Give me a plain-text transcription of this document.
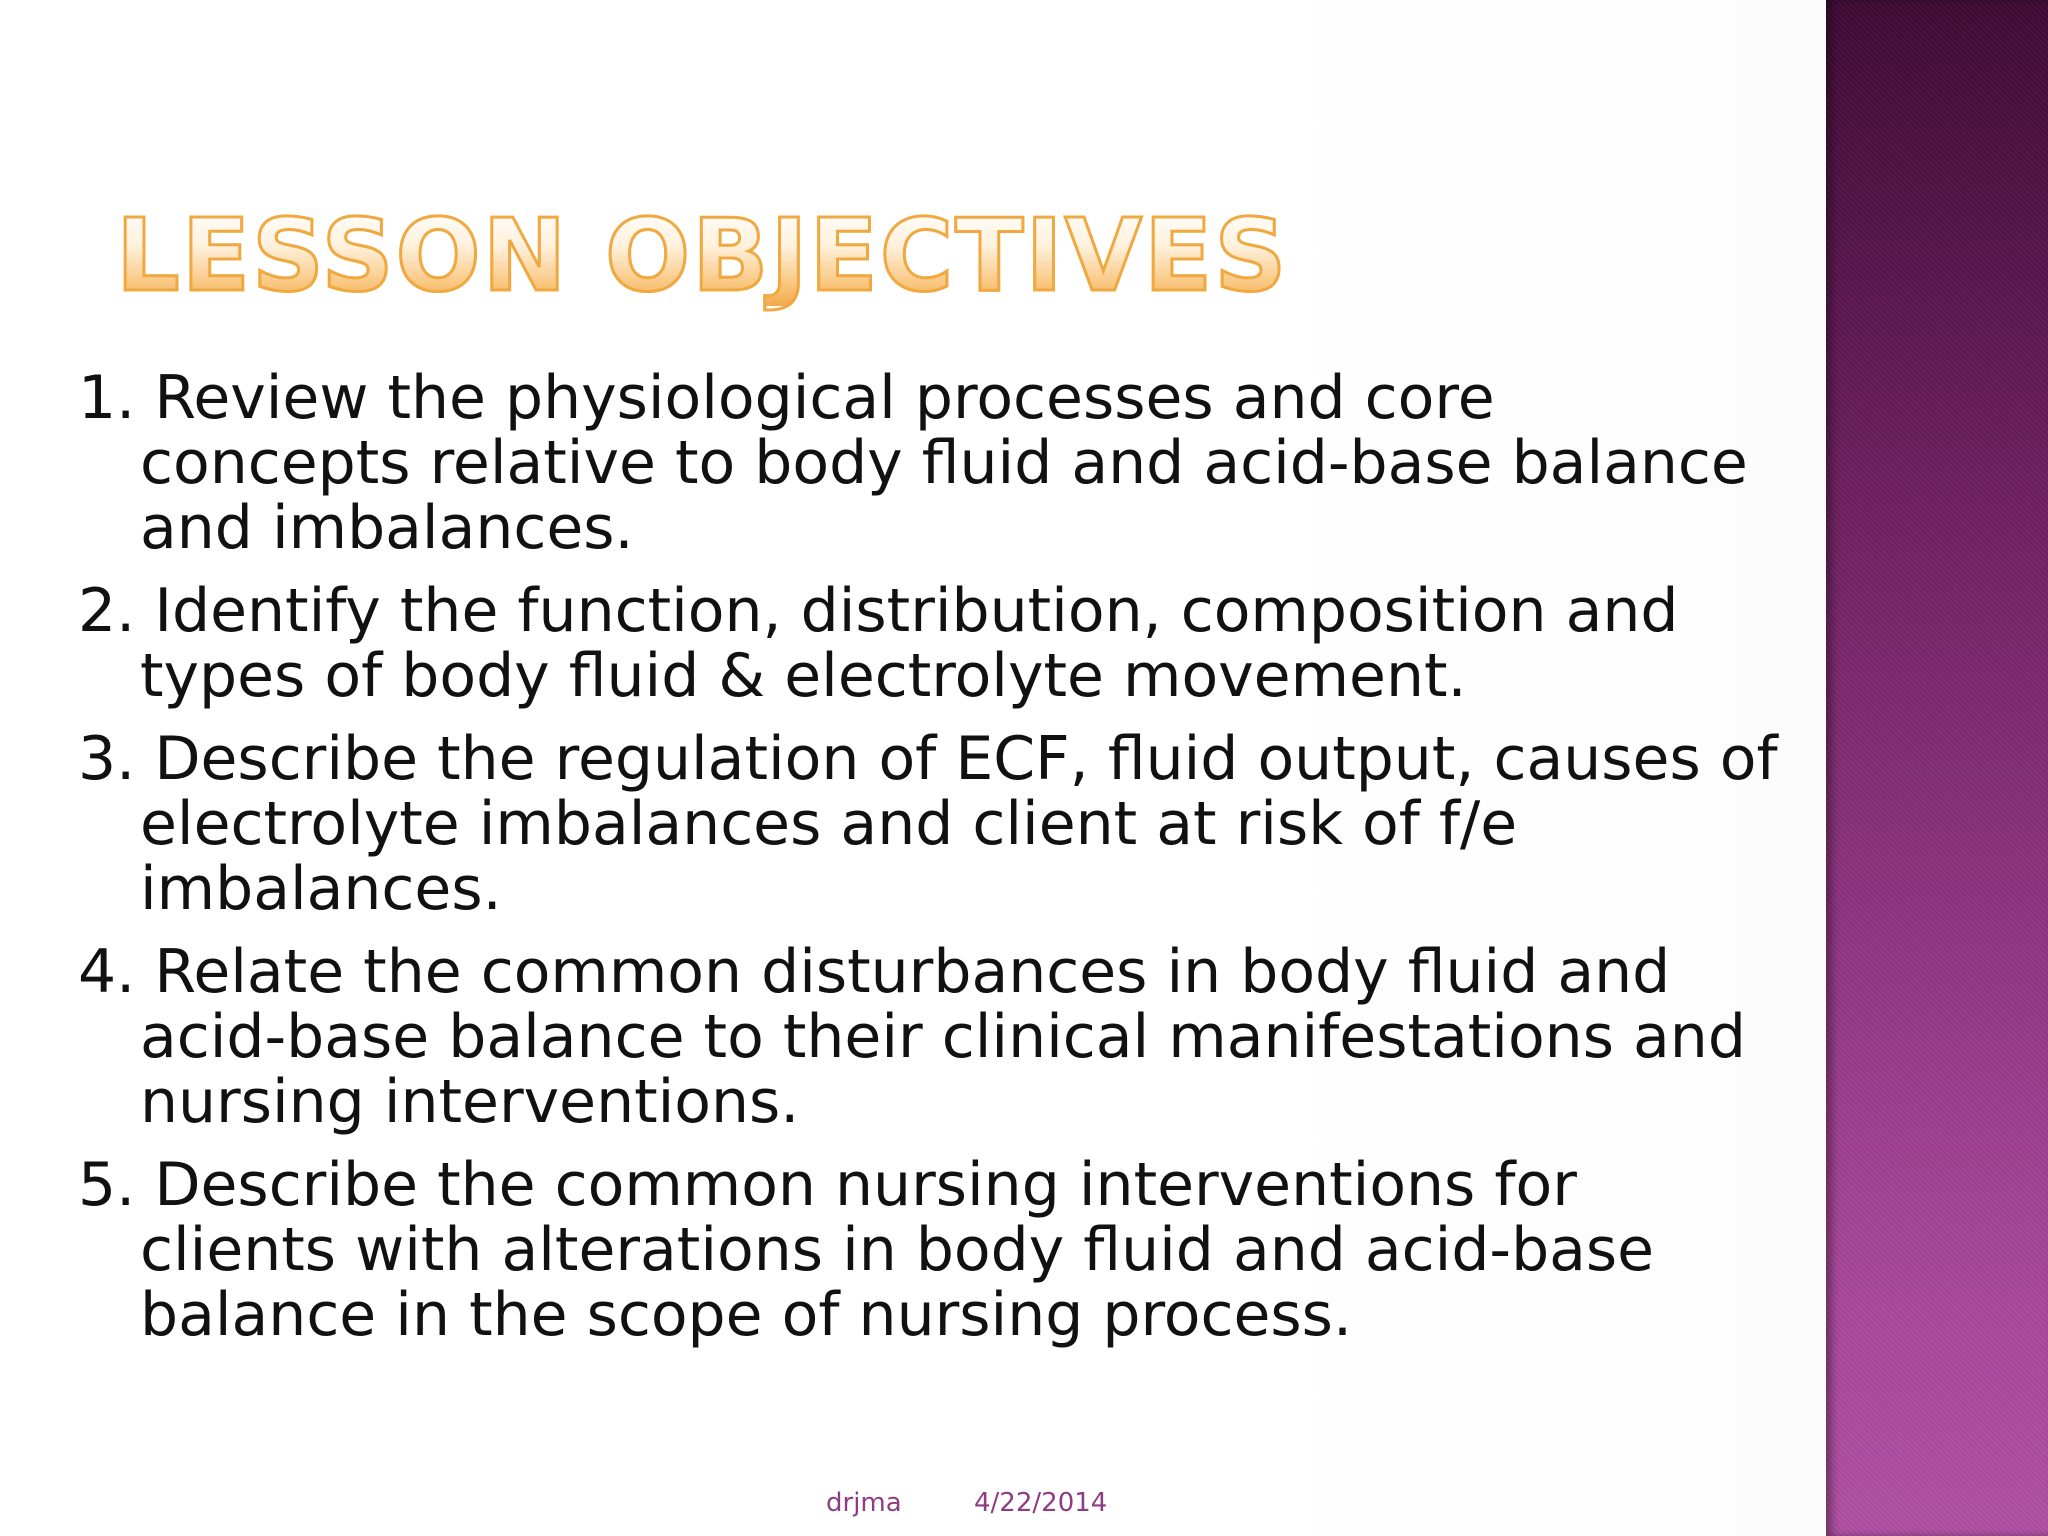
LESSON OBJECTIVES
1. Review the physiological processes and core concepts relative to body fluid and acid-base balance and imbalances.
2. Identify the function, distribution, composition and types of body fluid & electrolyte movement.
3. Describe the regulation of ECF, fluid output, causes of electrolyte imbalances and client at risk of f/e imbalances.
4. Relate the common disturbances in body fluid and acid-base balance to their clinical manifestations and nursing interventions.
5. Describe the common nursing interventions for clients with alterations in body fluid and acid-base balance in the scope of nursing process.
drjma	4/22/2014
